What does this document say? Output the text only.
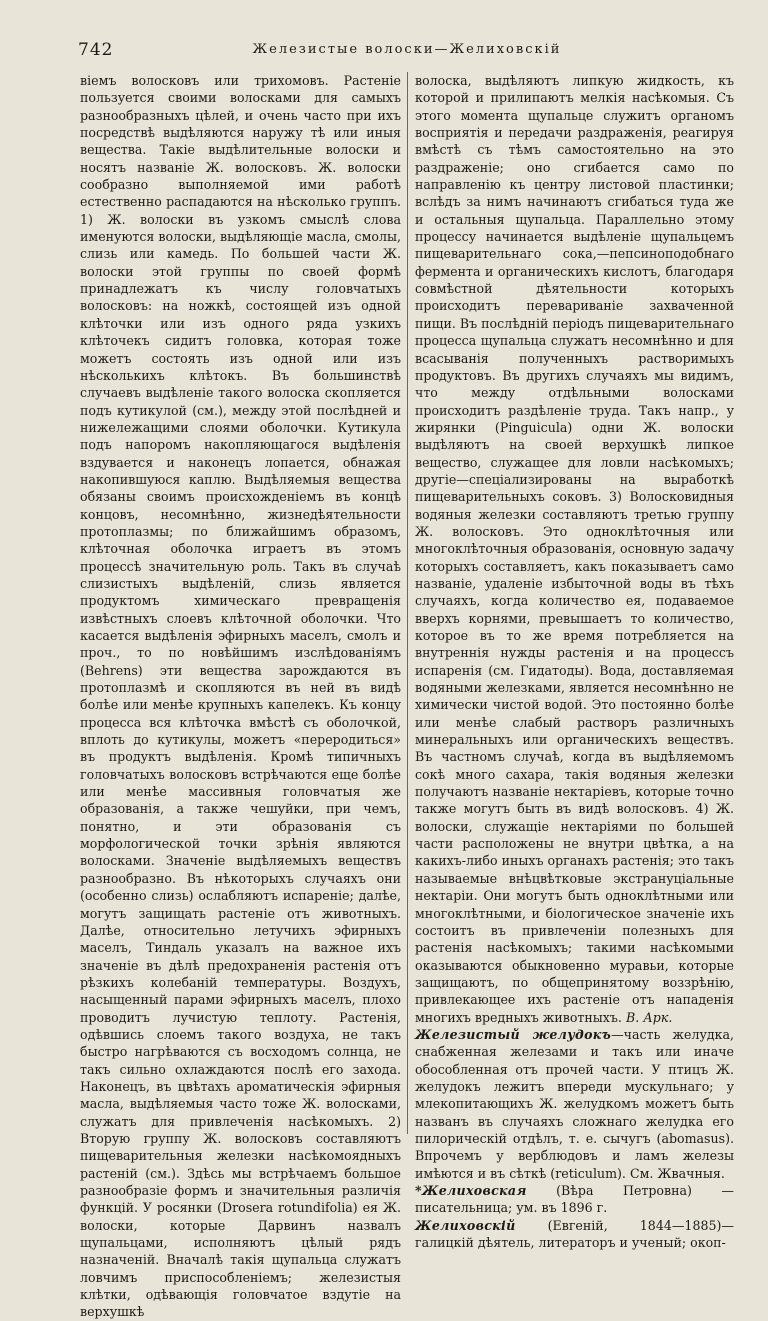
742	Железистые волоски—Желиховскій

віемъ волосковъ или трихомовъ. Растеніе пользуется своими волосками для самыхъ разнообразныхъ цѣлей, и очень часто при ихъ посредствѣ выдѣляются наружу тѣ или иныя вещества. Такіе выдѣлительные волоски и носятъ названіе Ж. волосковъ. Ж. волоски сообразно выполняемой ими работѣ естественно распадаются на нѣсколько группъ. 1) Ж. волоски въ узкомъ смыслѣ слова именуются волоски, выдѣляющіе масла, смолы, слизь или камедь. По большей части Ж. волоски этой группы по своей формѣ принадлежатъ къ числу головчатыхъ волосковъ: на ножкѣ, состоящей изъ одной клѣточки или изъ одного ряда узкихъ клѣточекъ сидитъ головка, которая тоже можетъ состоять изъ одной или изъ нѣсколькихъ клѣтокъ. Въ большинствѣ случаевъ выдѣленіе такого волоска скопляется подъ кутикулой (см.), между этой послѣдней и нижележащими слоями оболочки. Кутикула подъ напоромъ накопляющагося выдѣленія вздувается и наконецъ лопается, обнажая накопившуюся каплю. Выдѣляемыя вещества обязаны своимъ происхожденіемъ въ концѣ концовъ, несомнѣнно, жизнедѣятельности протоплазмы; по ближайшимъ образомъ, клѣточная оболочка играетъ въ этомъ процессѣ значительную роль. Такъ въ случаѣ слизистыхъ выдѣленій, слизь является продуктомъ химическаго превращенія извѣстныхъ слоевъ клѣточной оболочки. Что касается выдѣленія эфирныхъ маселъ, смолъ и проч., то по новѣйшимъ изслѣдованіямъ (Behrens) эти вещества зарождаются въ протоплазмѣ и скопляются въ ней въ видѣ болѣе или менѣе крупныхъ капелекъ. Къ концу процесса вся клѣточка вмѣстѣ съ оболочкой, вплоть до кутикулы, можетъ «переродиться» въ продуктъ выдѣленія. Кромѣ типичныхъ головчатыхъ волосковъ встрѣчаются еще болѣе или менѣе массивныя головчатыя же образованія, а также чешуйки, при чемъ, понятно, и эти образованія съ морфологической точки зрѣнія являются волосками. Значеніе выдѣляемыхъ веществъ разнообразно. Въ нѣкоторыхъ случаяхъ они (особенно слизь) ослабляютъ испареніе; далѣе, могутъ защищать растеніе отъ животныхъ. Далѣе, относительно летучихъ эфирныхъ маселъ, Тиндаль указалъ на важное ихъ значеніе въ дѣлѣ предохраненія растенія отъ рѣзкихъ колебаній температуры. Воздухъ, насыщенный парами эфирныхъ маселъ, плохо проводитъ лучистую теплоту. Растенія, одѣвшись слоемъ такого воздуха, не такъ быстро нагрѣваются съ восходомъ солнца, не такъ сильно охлаждаются послѣ его захода. Наконецъ, въ цвѣтахъ ароматическія эфирныя масла, выдѣляемыя часто тоже Ж. волосками, служатъ для привлеченія насѣкомыхъ. 2) Вторую группу Ж. волосковъ составляютъ пищеварительныя железки насѣкомоядныхъ растеній (см.). Здѣсь мы встрѣчаемъ большое разнообразіе формъ и значительныя различія функцій. У росянки (Drosera rotundifolia) ея Ж. волоски, которые Дарвинъ назвалъ щупальцами, исполняютъ цѣлый рядъ назначеній. Вначалѣ такія щупальца служатъ ловчимъ приспособленіемъ; железистыя клѣтки, одѣвающія головчатое вздутіе на верхушкѣ

волоска, выдѣляютъ липкую жидкость, къ которой и прилипаютъ мелкія насѣкомыя. Съ этого момента щупальце служитъ органомъ восприятія и передачи раздраженія, реагируя вмѣстѣ съ тѣмъ самостоятельно на это раздраженіе; оно сгибается само по направленію къ центру листовой пластинки; вслѣдъ за нимъ начинаютъ сгибаться туда же и остальныя щупальца. Параллельно этому процессу начинается выдѣленіе щупальцемъ пищеварительнаго сока,—пепсиноподобнаго фермента и органическихъ кислотъ, благодаря совмѣстной дѣятельности которыхъ происходитъ перевариваніе захваченной пищи. Въ послѣдній періодъ пищеварительнаго процесса щупальца служатъ несомнѣнно и для всасыванія полученныхъ растворимыхъ продуктовъ. Въ другихъ случаяхъ мы видимъ, что между отдѣльными волосками происходитъ раздѣленіе труда. Такъ напр., у жирянки (Pinguicula) одни Ж. волоски выдѣляютъ на своей верхушкѣ липкое вещество, служащее для ловли насѣкомыхъ; другіе—спеціализированы на выработкѣ пищеварительныхъ соковъ. 3) Волосковидныя водяныя железки составляютъ третью группу Ж. волосковъ. Это одноклѣточныя или многоклѣточныя образованія, основную задачу которыхъ составляетъ, какъ показываетъ само названіе, удаленіе избыточной воды въ тѣхъ случаяхъ, когда количество ея, подаваемое вверхъ корнями, превышаетъ то количество, которое въ то же время потребляется на внутреннія нужды растенія и на процессъ испаренія (см. Гидатоды). Вода, доставляемая водяными железками, является несомнѣнно не химически чистой водой. Это постоянно болѣе или менѣе слабый растворъ различныхъ минеральныхъ или органическихъ веществъ. Въ частномъ случаѣ, когда въ выдѣляемомъ сокѣ много сахара, такія водяныя железки получаютъ названіе нектаріевъ, которые точно также могутъ быть въ видѣ волосковъ. 4) Ж. волоски, служащіе нектаріями по большей части расположены не внутри цвѣтка, а на какихъ-либо иныхъ органахъ растенія; это такъ называемые внѣцвѣтковые экстрануціальные нектаріи. Они могутъ быть одноклѣтными или многоклѣтными, и біологическое значеніе ихъ состоитъ въ привлеченіи полезныхъ для растенія насѣкомыхъ; такими насѣкомыми оказываются обыкновенно муравьи, которые защищаютъ, по общепринятому воззрѣнію, привлекающее ихъ растеніе отъ нападенія многихъ вредныхъ животныхъ. В. Арк.

Железистый желудокъ—часть желудка, снабженная железами и такъ или иначе обособленная отъ прочей части. У птицъ Ж. желудокъ лежитъ впереди мускульнаго; у млекопитающихъ Ж. желудкомъ можетъ быть названъ въ случаяхъ сложнаго желудка его пилорическій отдѣлъ, т. е. сычугъ (abomasus). Впрочемъ у верблюдовъ и ламъ железы имѣются и въ сѣткѣ (reticulum). См. Жвачныя.

*Желиховская (Вѣра Петровна) — писательница; ум. въ 1896 г.

Желиховскій (Евгеній, 1844—1885)— галицкій дѣятель, литераторъ и ученый; окоп-
